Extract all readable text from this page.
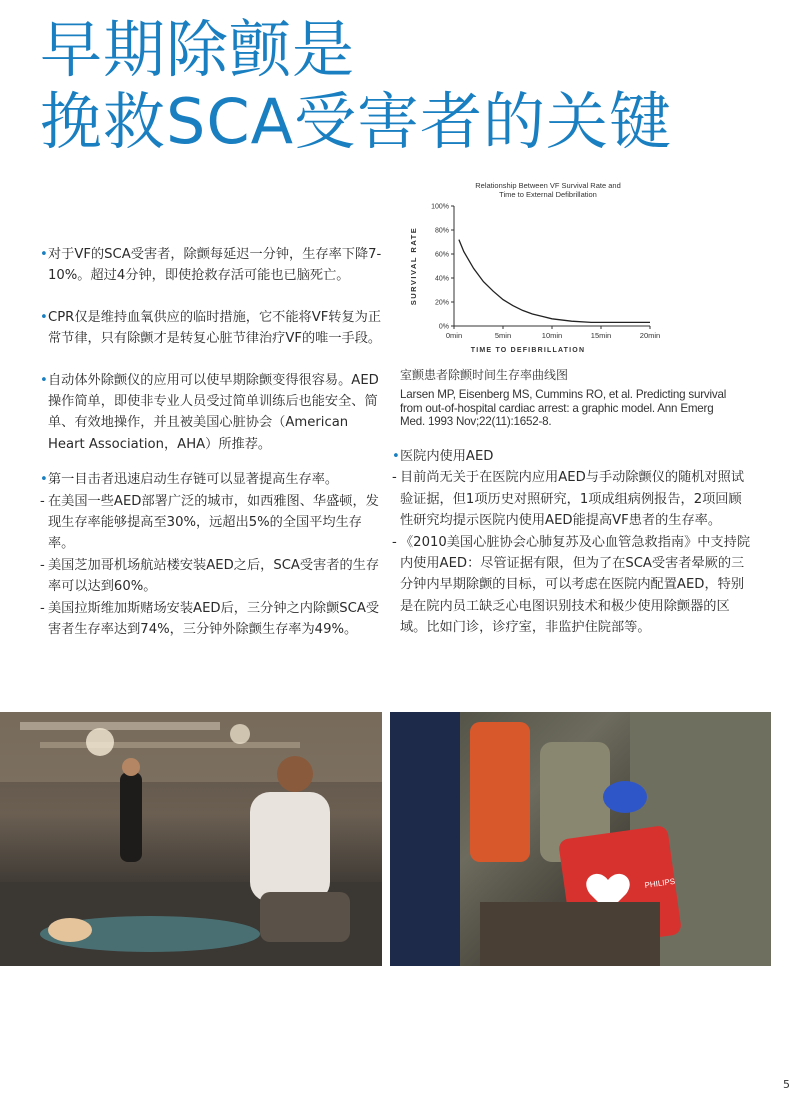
早期除颤是
挽救SCA受害者的关键

• 对于VF的SCA受害者，除颤每延迟一分钟，生存率下降7-10%。超过4分钟，即使抢救存活可能也已脑死亡。

• CPR仅是维持血氧供应的临时措施，它不能将VF转复为正常节律，只有除颤才是转复心脏节律治疗VF的唯一手段。

• 自动体外除颤仪的应用可以使早期除颤变得很容易。AED操作简单，即使非专业人员受过简单训练后也能安全、简单、有效地操作，并且被美国心脏协会（American Heart Association，AHA）所推荐。

• 第一目击者迅速启动生存链可以显著提高生存率。

- 在美国一些AED部署广泛的城市，如西雅图、华盛顿，发现生存率能够提高至30%，远超出5%的全国平均生存率。

- 美国芝加哥机场航站楼安装AED之后，SCA受害者的生存率可以达到60%。

- 美国拉斯维加斯赌场安装AED后，三分钟之内除颤SCA受害者生存率达到74%，三分钟外除颤生存率为49%。

Relationship Between VF Survival Rate and
Time to External Defibrillation
SURVIVAL RATE
TIME TO DEFIBRILLATION
0%
20%
40%
60%
80%
100%
0min	5min	10min	15min	20min
室颤患者除颤时间生存率曲线图
Larsen MP, Eisenberg MS, Cummins RO, et al. Predicting survival from out-of-hospital cardiac arrest: a graphic model. Ann Emerg Med. 1993 Nov;22(11):1652-8.

• 医院内使用AED

- 目前尚无关于在医院内应用AED与手动除颤仪的随机对照试验证据，但1项历史对照研究，1项成组病例报告，2项回顾性研究均提示医院内使用AED能提高VF患者的生存率。

- 《2010美国心脏协会心肺复苏及心血管急救指南》中支持院内使用AED：尽管证据有限，但为了在SCA受害者晕厥的三分钟内早期除颤的目标，可以考虑在医院内配置AED，特别是在院内员工缺乏心电图识别技术和极少使用除颤器的区域。比如门诊，诊疗室，非监护住院部等。

PHILIPS
5
